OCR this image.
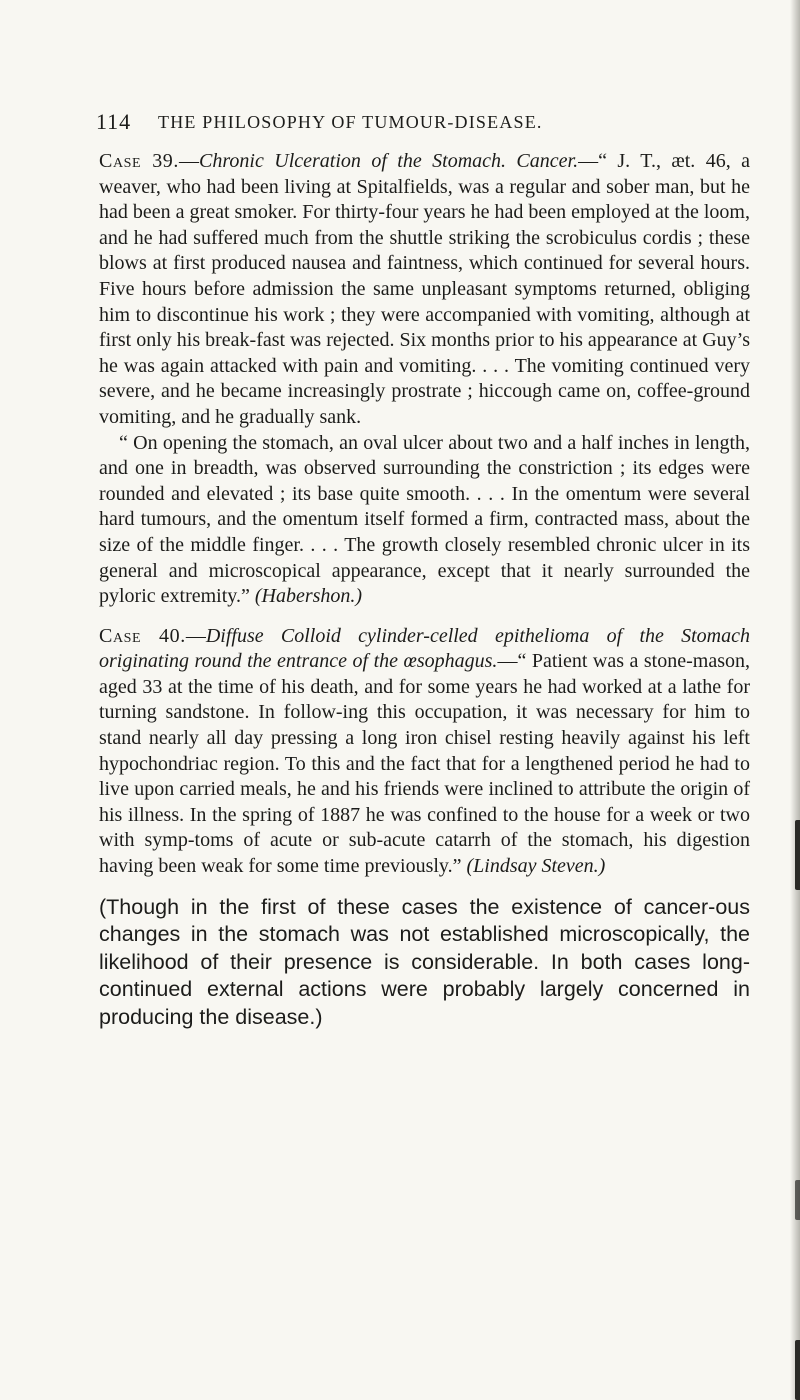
114 THE PHILOSOPHY OF TUMOUR-DISEASE.

Case 39.—Chronic Ulceration of the Stomach. Cancer.—“ J. T., æt. 46, a weaver, who had been living at Spitalfields, was a regular and sober man, but he had been a great smoker. For thirty-four years he had been employed at the loom, and he had suffered much from the shuttle striking the scrobiculus cordis ; these blows at first produced nausea and faintness, which continued for several hours. Five hours before admission the same unpleasant symptoms returned, obliging him to discontinue his work ; they were accompanied with vomiting, although at first only his break-fast was rejected. Six months prior to his appearance at Guy’s he was again attacked with pain and vomiting. . . . The vomiting continued very severe, and he became increasingly prostrate ; hiccough came on, coffee-ground vomiting, and he gradually sank.
“ On opening the stomach, an oval ulcer about two and a half inches in length, and one in breadth, was observed surrounding the constriction ; its edges were rounded and elevated ; its base quite smooth. . . . In the omentum were several hard tumours, and the omentum itself formed a firm, contracted mass, about the size of the middle finger. . . . The growth closely resembled chronic ulcer in its general and microscopical appearance, except that it nearly surrounded the pyloric extremity.” (Habershon.)

Case 40.—Diffuse Colloid cylinder-celled epithelioma of the Stomach originating round the entrance of the œsophagus.—“ Patient was a stone-mason, aged 33 at the time of his death, and for some years he had worked at a lathe for turning sandstone. In follow-ing this occupation, it was necessary for him to stand nearly all day pressing a long iron chisel resting heavily against his left hypochondriac region. To this and the fact that for a lengthened period he had to live upon carried meals, he and his friends were inclined to attribute the origin of his illness. In the spring of 1887 he was confined to the house for a week or two with symp-toms of acute or sub-acute catarrh of the stomach, his digestion having been weak for some time previously.” (Lindsay Steven.)

(Though in the first of these cases the existence of cancer-ous changes in the stomach was not established microscopically, the likelihood of their presence is considerable. In both cases long-continued external actions were probably largely concerned in producing the disease.)
